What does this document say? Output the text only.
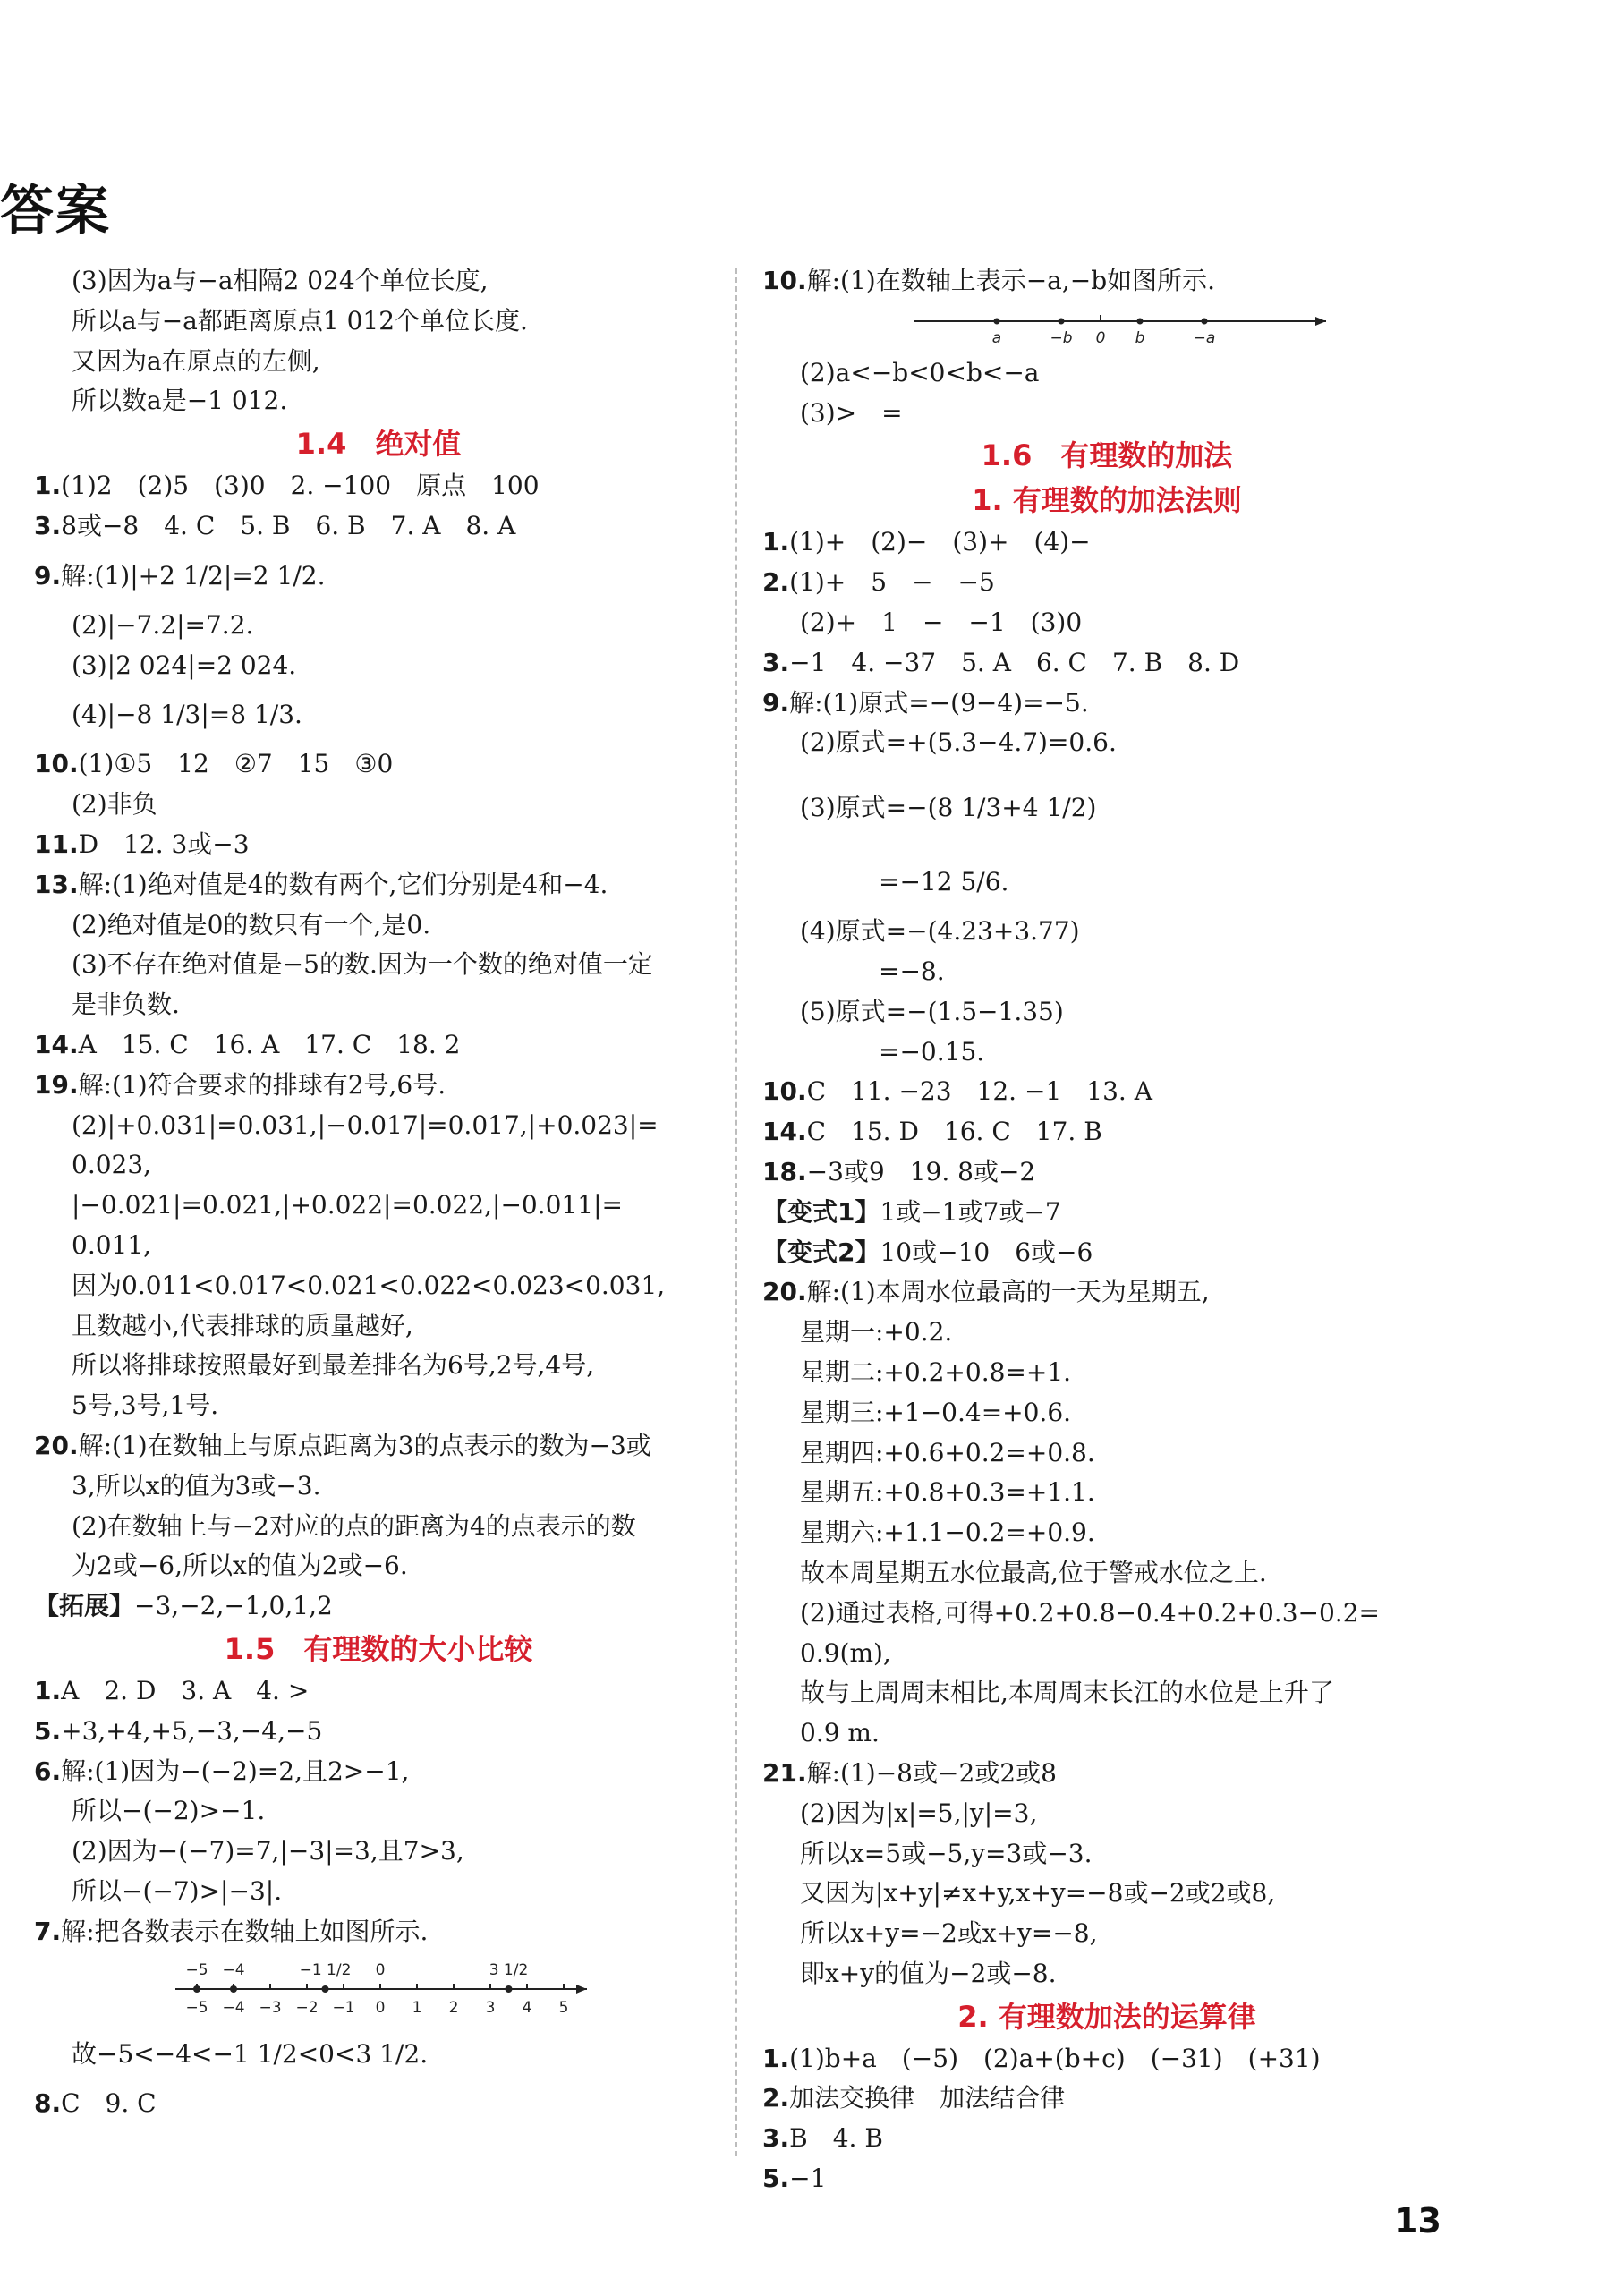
答案
(3)因为a与−a相隔2 024个单位长度,
所以a与−a都距离原点1 012个单位长度.
又因为a在原点的左侧,
所以数a是−1 012.
1.4　绝对值
1.(1)2　(2)5　(3)0　2. −100　原点　100
3.8或−8　4. C　5. B　6. B　7. A　8. A
9.解:(1)|+2 1/2|=2 1/2.
(2)|−7.2|=7.2.
(3)|2 024|=2 024.
(4)|−8 1/3|=8 1/3.
10.(1)①5　12　②7　15　③0
(2)非负
11.D　12. 3或−3
13.解:(1)绝对值是4的数有两个,它们分别是4和−4.
(2)绝对值是0的数只有一个,是0.
(3)不存在绝对值是−5的数.因为一个数的绝对值一定
是非负数.
14.A　15. C　16. A　17. C　18. 2
19.解:(1)符合要求的排球有2号,6号.
(2)|+0.031|=0.031,|−0.017|=0.017,|+0.023|=
0.023,
|−0.021|=0.021,|+0.022|=0.022,|−0.011|=
0.011,
因为0.011<0.017<0.021<0.022<0.023<0.031,
且数越小,代表排球的质量越好,
所以将排球按照最好到最差排名为6号,2号,4号,
5号,3号,1号.
20.解:(1)在数轴上与原点距离为3的点表示的数为−3或
3,所以x的值为3或−3.
(2)在数轴上与−2对应的点的距离为4的点表示的数
为2或−6,所以x的值为2或−6.
【拓展】−3,−2,−1,0,1,2
1.5　有理数的大小比较
1.A　2. D　3. A　4. >
5.+3,+4,+5,−3,−4,−5
6.解:(1)因为−(−2)=2,且2>−1,
所以−(−2)>−1.
(2)因为−(−7)=7,|−3|=3,且7>3,
所以−(−7)>|−3|.
7.解:把各数表示在数轴上如图所示.
−5 −4 −3 −2 −1 0 1 2 3 4 5
−5 −4	−1 1/2 0	3 1/2
故−5<−4<−1 1/2<0<3 1/2.
8.C　9. C
10.解:(1)在数轴上表示−a,−b如图所示.
a	−b 0 b	−a
(2)a<−b<0<b<−a
(3)>　=
1.6　有理数的加法
1. 有理数的加法法则
1.(1)+　(2)−　(3)+　(4)−
2.(1)+　5　−　−5
(2)+　1　−　−1　(3)0
3.−1　4. −37　5. A　6. C　7. B　8. D
9.解:(1)原式=−(9−4)=−5.
(2)原式=+(5.3−4.7)=0.6.
(3)原式=−(8 1/3+4 1/2)
=−12 5/6.
(4)原式=−(4.23+3.77)
=−8.
(5)原式=−(1.5−1.35)
=−0.15.
10.C　11. −23　12. −1　13. A
14.C　15. D　16. C　17. B
18.−3或9　19. 8或−2
【变式1】1或−1或7或−7
【变式2】10或−10　6或−6
20.解:(1)本周水位最高的一天为星期五,
星期一:+0.2.
星期二:+0.2+0.8=+1.
星期三:+1−0.4=+0.6.
星期四:+0.6+0.2=+0.8.
星期五:+0.8+0.3=+1.1.
星期六:+1.1−0.2=+0.9.
故本周星期五水位最高,位于警戒水位之上.
(2)通过表格,可得+0.2+0.8−0.4+0.2+0.3−0.2=
0.9(m),
故与上周周末相比,本周周末长江的水位是上升了
0.9 m.
21.解:(1)−8或−2或2或8
(2)因为|x|=5,|y|=3,
所以x=5或−5,y=3或−3.
又因为|x+y|≠x+y,x+y=−8或−2或2或8,
所以x+y=−2或x+y=−8,
即x+y的值为−2或−8.
2. 有理数加法的运算律
1.(1)b+a　(−5)　(2)a+(b+c)　(−31)　(+31)
2.加法交换律　加法结合律
3.B　4. B
5.−1
13
